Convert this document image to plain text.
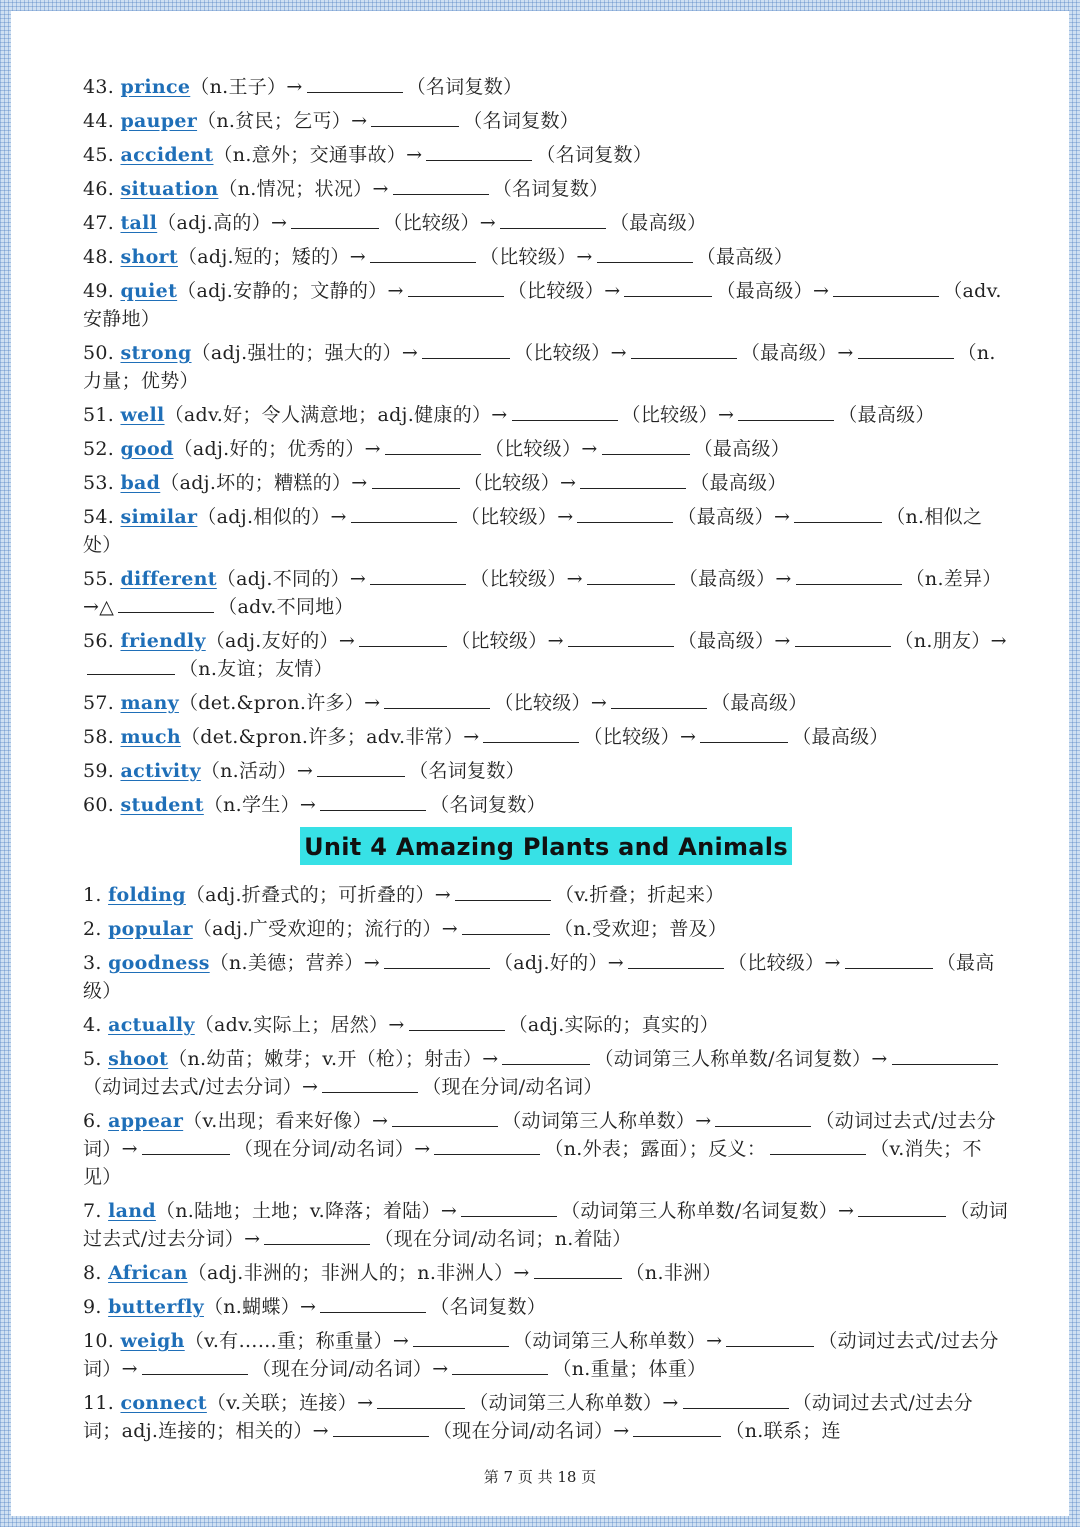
43. prince（n.王子）→	（名词复数）
44. pauper（n.贫民；乞丐）→	（名词复数）
45. accident（n.意外；交通事故）→	（名词复数）
46. situation（n.情况；状况）→	（名词复数）
47. tall（adj.高的）→	（比较级）→	（最高级）
48. short（adj.短的；矮的）→	（比较级）→	（最高级）
49. quiet（adj.安静的；文静的）→	（比较级）→	（最高级）→	（adv.安静地）
50. strong（adj.强壮的；强大的）→	（比较级）→	（最高级）→	（n.力量；优势）
51. well（adv.好；令人满意地；adj.健康的）→	（比较级）→	（最高级）
52. good（adj.好的；优秀的）→	（比较级）→	（最高级）
53. bad（adj.坏的；糟糕的）→	（比较级）→	（最高级）
54. similar（adj.相似的）→	（比较级）→	（最高级）→	（n.相似之处）
55. different（adj.不同的）→	（比较级）→	（最高级）→	（n.差异）→△	（adv.不同地）
56. friendly（adj.友好的）→	（比较级）→	（最高级）→	（n.朋友）→（n.友谊；友情）
57. many（det.&pron.许多）→	（比较级）→	（最高级）
58. much（det.&pron.许多；adv.非常）→	（比较级）→	（最高级）
59. activity（n.活动）→	（名词复数）
60. student（n.学生）→	（名词复数）
Unit 4 Amazing Plants and Animals
1. folding（adj.折叠式的；可折叠的）→	（v.折叠；折起来）
2. popular（adj.广受欢迎的；流行的）→	（n.受欢迎；普及）
3. goodness（n.美德；营养）→	（adj.好的）→	（比较级）→	（最高级）
4. actually（adv.实际上；居然）→	（adj.实际的；真实的）
5. shoot（n.幼苗；嫩芽；v.开（枪）；射击）→	（动词第三人称单数/名词复数）→（动词过去式/过去分词）→	（现在分词/动名词）
6. appear（v.出现；看来好像）→	（动词第三人称单数）→	（动词过去式/过去分词）→	（现在分词/动名词）→	（n.外表；露面）；反义：	（v.消失；不见）
7. land（n.陆地；土地；v.降落；着陆）→	（动词第三人称单数/名词复数）→	（动词过去式/过去分词）→	（现在分词/动名词；n.着陆）
8. African（adj.非洲的；非洲人的；n.非洲人）→	（n.非洲）
9. butterfly（n.蝴蝶）→	（名词复数）
10. weigh（v.有……重；称重量）→	（动词第三人称单数）→	（动词过去式/过去分词）→	（现在分词/动名词）→	（n.重量；体重）
11. connect（v.关联；连接）→	（动词第三人称单数）→	（动词过去式/过去分词；adj.连接的；相关的）→	（现在分词/动名词）→	（n.联系；连
第 7 页 共 18 页
